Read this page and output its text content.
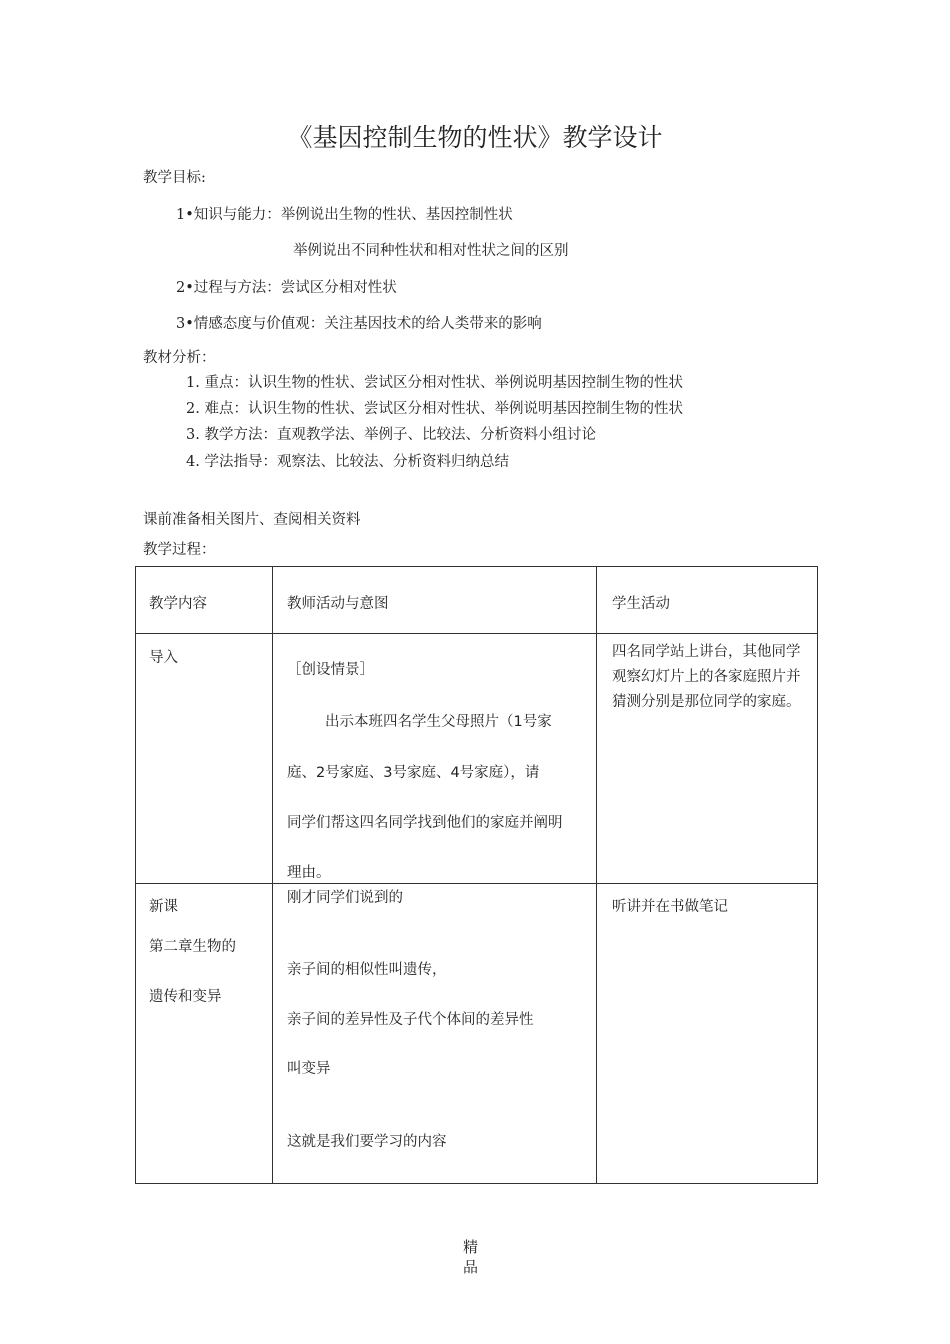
《基因控制生物的性状》教学设计
教学目标:
1•知识与能力：举例说出生物的性状、基因控制性状
举例说出不同种性状和相对性状之间的区别
2•过程与方法：尝试区分相对性状
3•情感态度与价值观：关注基因技术的给人类带来的影响
教材分析：
1. 重点：认识生物的性状、尝试区分相对性状、举例说明基因控制生物的性状
2. 难点：认识生物的性状、尝试区分相对性状、举例说明基因控制生物的性状
3. 教学方法：直观教学法、举例子、比较法、分析资料小组讨论
4. 学法指导：观察法、比较法、分析资料归纳总结
课前准备相关图片、查阅相关资料
教学过程：
教学内容	教师活动与意图	学生活动

导入	［创设情景］
出示本班四名学生父母照片（1号家
庭、2号家庭、3号家庭、4号家庭），请
同学们帮这四名同学找到他们的家庭并阐明
理由。	四名同学站上讲台，其他同学观察幻灯片上的各家庭照片并猜测分别是那位同学的家庭。

新课
第二章生物的
遗传和变异	刚才同学们说到的
亲子间的相似性叫遗传，
亲子间的差异性及子代个体间的差异性
叫变异
这就是我们要学习的内容	听讲并在书做笔记
精
品
